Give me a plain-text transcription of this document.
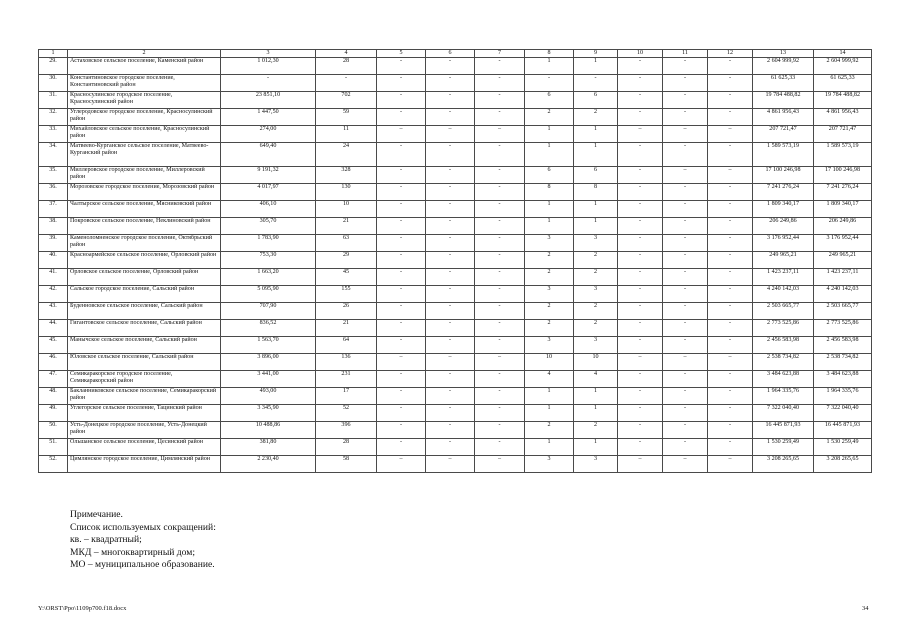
1	2	3	4	5	6	7	8	9	10	11	12	13	14
29.	Астаховское сельское поселение, Каменский район	1 012,30	28	-	-	-	1	1	-	-	-	2 604 999,92	2 604 999,92
30.	Константиновское городское поселение, Константиновский район	-	-	-	-	-	-	-	-	-	-	61 625,33	61 625,33
31.	Красносулинское городское поселение, Красносулинский район	23 851,10	702	-	-	-	6	6	-	-	-	19 784 488,82	19 784 488,82
32.	Углеродовское городское поселение, Красносулинский район	1 447,50	59	-	-	-	2	2	-	-	-	4 861 956,43	4 861 956,43
33.	Михайловское сельское поселение, Красносулинский район	274,00	11	–	–	–	1	1	–	–	–	207 721,47	207 721,47
34.	Матвеево-Курганское сельское поселение, Матвеево-Курганский район	649,40	24	-	-	-	1	1	-	-	-	1 589 573,19	1 589 573,19
35.	Миллеровское городское поселение, Миллеровский район	9 191,32	328	-	-	-	6	6	-	–	–	17 100 246,98	17 100 246,98
36.	Морозовское городское поселение, Морозовский район	4 017,97	130	-	-	-	8	8	-	-	-	7 241 276,24	7 241 276,24
37.	Чалтырское сельское поселение, Мясниковский район	406,10	10	-	-	-	1	1	-	-	-	1 809 340,17	1 809 340,17
38.	Покровское сельское поселение, Неклиновский район	305,70	21	-	-	-	1	1	-	-	-	206 249,86	206 249,86
39.	Каменоломненское городское поселение, Октябрьский район	1 783,90	63	-	-	-	3	3	-	-	-	3 176 952,44	3 176 952,44
40.	Красноармейское сельское поселение, Орловский район	753,30	29	-	-	-	2	2	-	-	-	249 965,21	249 965,21
41.	Орловское сельское поселение, Орловский район	1 663,20	45	-	-	-	2	2	-	-	-	1 423 237,11	1 423 237,11
42.	Сальское городское поселение, Сальский район	5 095,90	155	-	-	-	3	3	-	-	-	4 240 142,03	4 240 142,03
43.	Буденновское сельское поселение, Сальский район	707,90	26	-	-	-	2	2	-	-	-	2 503 665,77	2 503 665,77
44.	Гигантовское сельское поселение, Сальский район	836,52	21	-	-	-	2	2	-	-	-	2 773 525,86	2 773 525,86
45.	Манычское сельское поселение, Сальский район	1 563,70	64	-	-	-	3	3	-	-	-	2 456 583,98	2 456 583,98
46.	Юловское сельское поселение, Сальский район	3 896,00	136	–	–	–	10	10	–	–	–	2 538 734,82	2 538 734,82
47.	Семикаракорское городское поселение, Семикаракорский район	3 441,00	231	-	-	-	4	4	-	-	-	3 484 623,88	3 484 623,88
48.	Бакланниковское сельское поселение, Семикаракорский район	493,00	17	-	-	-	1	1	-	-	-	1 964 335,76	1 964 335,76
49.	Углегорское сельское поселение, Тацинский район	3 345,90	52	-	-	-	1	1	-	-	-	7 322 040,40	7 322 040,40
50.	Усть-Донецкое городское поселение, Усть-Донецкий район	10 488,86	396	-	-	-	2	2	-	-	-	16 445 871,93	16 445 871,93
51.	Ольшанское сельское поселение, Цесинский район	381,80	28	-	-	-	1	1	-	-	-	1 530 259,49	1 530 259,49
52.	Цимлянское городское поселение, Цимлянский район	2 230,40	58	–	–	–	3	3	–	–	–	3 208 265,65	3 208 265,65
Примечание.
Список используемых сокращений:
кв. – квадратный;
МКД – многоквартирный дом;
МО – муниципальное образование.
Y:\ORST\Ppo\1109p700.f18.docx	34
